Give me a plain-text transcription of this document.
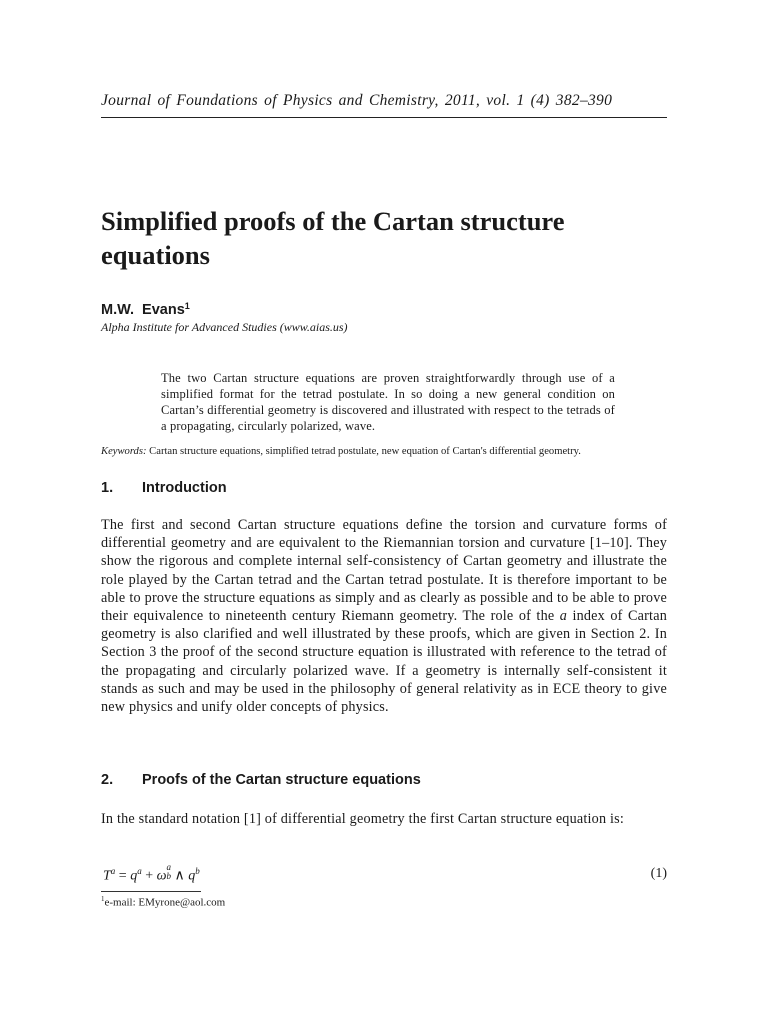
Journal of Foundations of Physics and Chemistry, 2011, vol. 1 (4) 382–390
Simplified proofs of the Cartan structure equations
M.W. Evans$^1$
Alpha Institute for Advanced Studies (www.aias.us)

The two Cartan structure equations are proven straightforwardly through use of a simplified format for the tetrad postulate. In so doing a new general condition on Cartan’s differential geometry is discovered and illustrated with respect to the tetrads of a propagating, circularly polarized, wave.

Keywords: Cartan structure equations, simplified tetrad postulate, new equation of Cartan's differential geometry.
1. Introduction

The first and second Cartan structure equations define the torsion and curvature forms of differential geometry and are equivalent to the Riemannian torsion and curvature [1–10]. They show the rigorous and complete internal self-consistency of Cartan geometry and illustrate the role played by the Cartan tetrad and the Cartan tetrad postulate. It is therefore important to be able to prove the structure equations as simply and as clearly as possible and to be able to prove their equivalence to nineteenth century Riemann geometry. The role of the a index of Cartan geometry is also clarified and well illustrated by these proofs, which are given in Section 2. In Section 3 the proof of the second structure equation is illustrated with reference to the tetrad of the propagating and circularly polarized wave. If a geometry is internally self-consistent it stands as such and may be used in the philosophy of general relativity as in ECE theory to give new physics and unify older concepts of physics.

2. Proofs of the Cartan structure equations

In the standard notation [1] of differential geometry the first Cartan structure equation is:

$T^a = q^a + \omega$
a
b ∧ $q^b$	(1)
$^1$e-mail: EMyrone@aol.com
